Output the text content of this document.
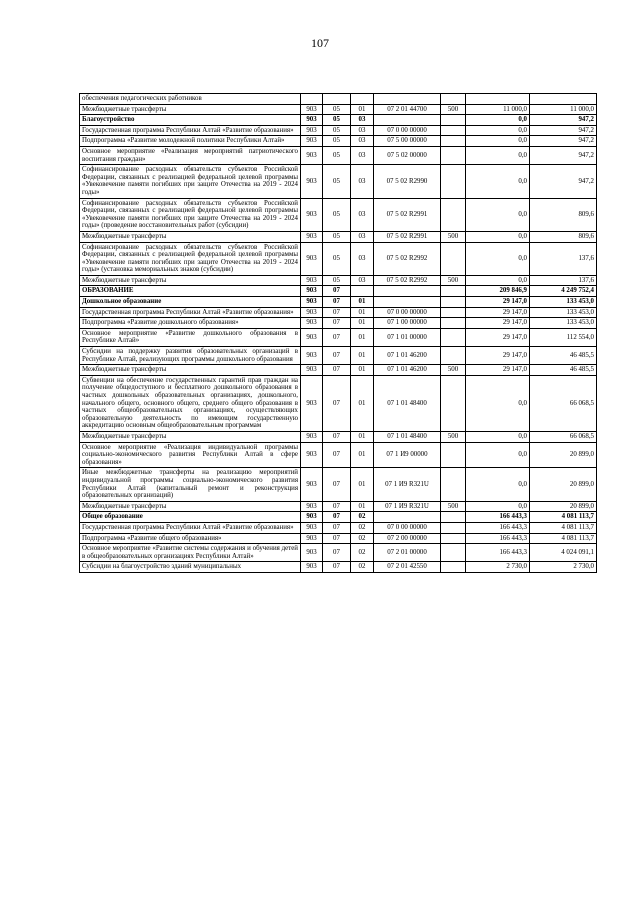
107
обеспечения педагогических работников							
Межбюджетные трансферты	903	05	01	07 2 01 44700	500	11 000,0	11 000,0
Благоустройство	903	05	03			0,0	947,2
Государственная программа Республики Алтай «Развитие образования»	903	05	03	07 0 00 00000		0,0	947,2
Подпрограмма «Развитие молодежной политики Республики Алтай»	903	05	03	07 5 00 00000		0,0	947,2
Основное мероприятие «Реализация мероприятий патриотического воспитания граждан»	903	05	03	07 5 02 00000		0,0	947,2
Софинансирование расходных обязательств субъектов Российской Федерации, связанных с реализацией федеральной целевой программы «Увековечение памяти погибших при защите Отечества на 2019 - 2024 годы»	903	05	03	07 5 02 R2990		0,0	947,2
Софинансирование расходных обязательств субъектов Российской Федерации, связанных с реализацией федеральной целевой программы «Увековечение памяти погибших при защите Отечества на 2019 - 2024 годы» (проведение восстановительных работ (субсидии)	903	05	03	07 5 02 R2991		0,0	809,6
Межбюджетные трансферты	903	05	03	07 5 02 R2991	500	0,0	809,6
Софинансирование расходных обязательств субъектов Российской Федерации, связанных с реализацией федеральной целевой программы «Увековечение памяти погибших при защите Отечества на 2019 - 2024 годы» (установка мемориальных знаков (субсидии)	903	05	03	07 5 02 R2992		0,0	137,6
Межбюджетные трансферты	903	05	03	07 5 02 R2992	500	0,0	137,6
ОБРАЗОВАНИЕ	903	07				209 846,9	4 249 752,4
Дошкольное образование	903	07	01			29 147,0	133 453,0
Государственная программа Республики Алтай «Развитие образования»	903	07	01	07 0 00 00000		29 147,0	133 453,0
Подпрограмма «Развитие дошкольного образования»	903	07	01	07 1 00 00000		29 147,0	133 453,0
Основное мероприятие «Развитие дошкольного образования в Республике Алтай»	903	07	01	07 1 01 00000		29 147,0	112 554,0
Субсидии на поддержку развития образовательных организаций в Республике Алтай, реализующих программы дошкольного образования	903	07	01	07 1 01 46200		29 147,0	46 485,5
Межбюджетные трансферты	903	07	01	07 1 01 46200	500	29 147,0	46 485,5
Субвенции на обеспечение государственных гарантий прав граждан на получение общедоступного и бесплатного дошкольного образования в частных дошкольных образовательных организациях, дошкольного, начального общего, основного общего, среднего общего образования в частных общеобразовательных организациях, осуществляющих образовательную деятельность по имеющим государственную аккредитацию основным общеобразовательным программам	903	07	01	07 1 01 48400		0,0	66 068,5
Межбюджетные трансферты	903	07	01	07 1 01 48400	500	0,0	66 068,5
Основное мероприятие «Реализация индивидуальной программы социально-экономического развития Республики Алтай в сфере образования»	903	07	01	07 1 И9 00000		0,0	20 899,0
Иные межбюджетные трансферты на реализацию мероприятий индивидуальной программы социально-экономического развития Республики Алтай (капитальный ремонт и реконструкция образовательных организаций)	903	07	01	07 1 И9 R321U		0,0	20 899,0
Межбюджетные трансферты	903	07	01	07 1 И9 R321U	500	0,0	20 899,0
Общее образование	903	07	02			166 443,3	4 081 113,7
Государственная программа Республики Алтай «Развитие образования»	903	07	02	07 0 00 00000		166 443,3	4 081 113,7
Подпрограмма «Развитие общего образования»	903	07	02	07 2 00 00000		166 443,3	4 081 113,7
Основное мероприятие «Развитие системы содержания и обучения детей в общеобразовательных организациях Республики Алтай»	903	07	02	07 2 01 00000		166 443,3	4 024 091,1
Субсидии на благоустройство зданий муниципальных	903	07	02	07 2 01 42550		2 730,0	2 730,0
